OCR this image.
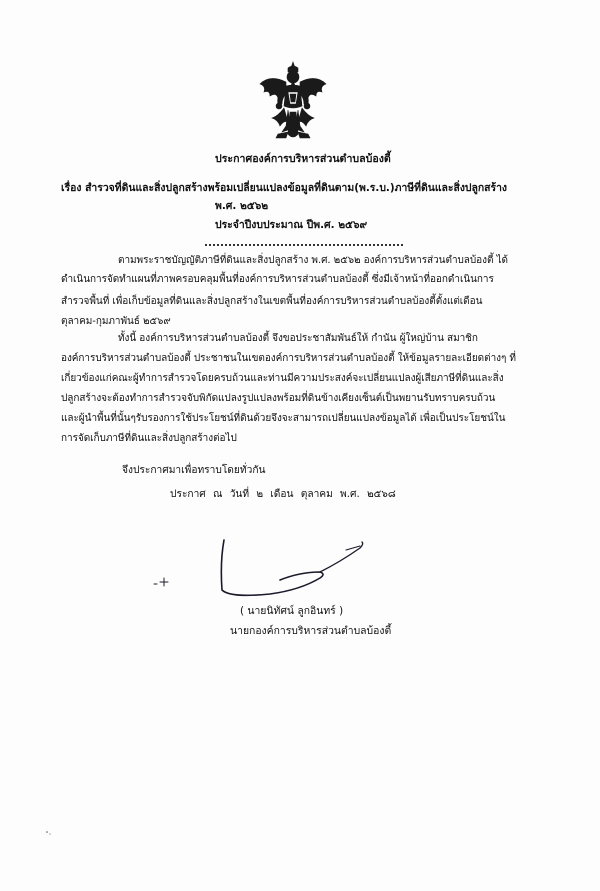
ประกาศองค์การบริหารส่วนตำบลบ้องตี้
เรื่อง สำรวจที่ดินและสิ่งปลูกสร้างพร้อมเปลี่ยนแปลงข้อมูลที่ดินตาม(พ.ร.บ.)ภาษีที่ดินและสิ่งปลูกสร้าง
พ.ศ. ๒๕๖๒
ประจำปีงบประมาณ ปีพ.ศ. ๒๕๖๙
ตามพระราชบัญญัติภาษีที่ดินและสิ่งปลูกสร้าง พ.ศ. ๒๕๖๒ องค์การบริหารส่วนตำบลบ้องตี้ ได้
ดำเนินการจัดทำแผนที่ภาพครอบคลุมพื้นที่องค์การบริหารส่วนตำบลบ้องตี้ ซึ่งมีเจ้าหน้าที่ออกดำเนินการ
สำรวจพื้นที่ เพื่อเก็บข้อมูลที่ดินและสิ่งปลูกสร้างในเขตพื้นที่องค์การบริหารส่วนตำบลบ้องตี้ตั้งแต่เดือน
ตุลาคม-กุมภาพันธ์ ๒๕๖๙
ทั้งนี้ องค์การบริหารส่วนตำบลบ้องตี้ จึงขอประชาสัมพันธ์ให้ กำนัน ผู้ใหญ่บ้าน สมาชิก
องค์การบริหารส่วนตำบลบ้องตี้ ประชาชนในเขตองค์การบริหารส่วนตำบลบ้องตี้ ให้ข้อมูลรายละเอียดต่างๆ ที่
เกี่ยวข้องแก่คณะผู้ทำการสำรวจโดยครบถ้วนและท่านมีความประสงค์จะเปลี่ยนแปลงผู้เสียภาษีที่ดินและสิ่ง
ปลูกสร้างจะต้องทำการสำรวจจับพิกัดแปลงรูปแปลงพร้อมที่ดินข้างเคียงเซ็นต์เป็นพยานรับทราบครบถ้วน
และผู้นำพื้นที่นั้นๆรับรองการใช้ประโยชน์ที่ดินด้วยจึงจะสามารถเปลี่ยนแปลงข้อมูลได้ เพื่อเป็นประโยชน์ใน
การจัดเก็บภาษีที่ดินและสิ่งปลูกสร้างต่อไป
จึงประกาศมาเพื่อทราบโดยทั่วกัน
ประกาศ ณ วันที่ ๒ เดือน ตุลาคม พ.ศ. ๒๕๖๘
( นายนิทัศน์ ลูกอินทร์ )
นายกองค์การบริหารส่วนตำบลบ้องตี้
